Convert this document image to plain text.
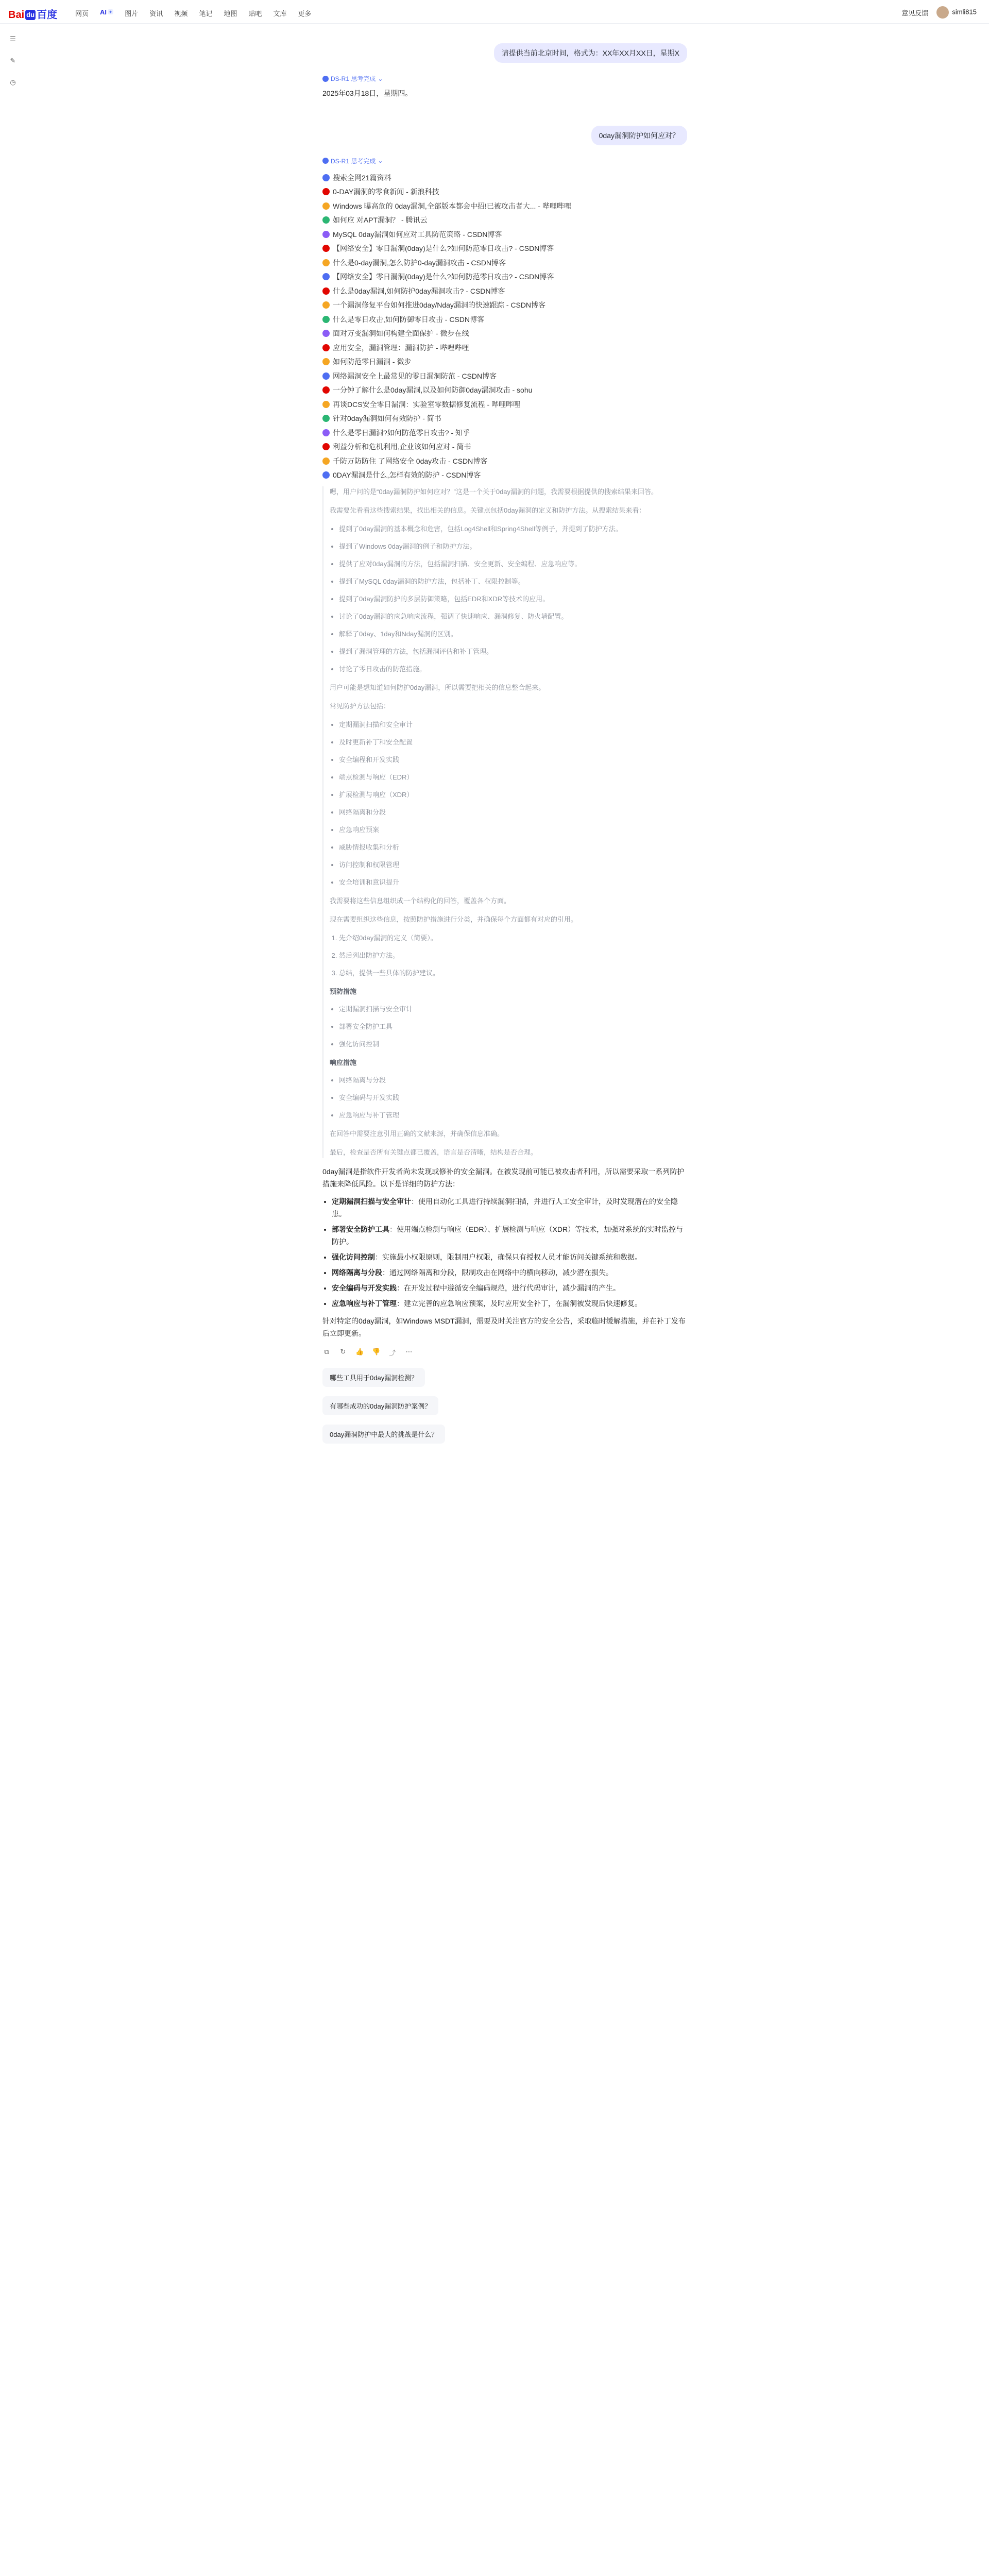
Bai du 百度	网页 AI + 图片 资讯 视频 笔记 地图 贴吧 文库 更多	意见反馈	simli815
☰
✎
◷
请提供当前北京时间，格式为：XX年XX月XX日，星期X
DS-R1 思考完成 ⌄
2025年03月18日，星期四。
0day漏洞防护如何应对？
DS-R1 思考完成 ⌄
搜索全网21篇资料
0-DAY漏洞的零食新闻 - 新浪科技
Windows 曝高危的 0day漏洞,全部版本都会中招!已被攻击者大... - 哔哩哔哩
如何应 对APT漏洞？ - 腾讯云
MySQL 0day漏洞如何应对工具防范策略 - CSDN博客
【网络安全】零日漏洞(0day)是什么?如何防范零日攻击? - CSDN博客
什么是0-day漏洞,怎么防护0-day漏洞攻击 - CSDN博客
【网络安全】零日漏洞(0day)是什么?如何防范零日攻击? - CSDN博客
什么是0day漏洞,如何防护0day漏洞攻击? - CSDN博客
一个漏洞修复平台如何推进0day/Nday漏洞的快速跟踪 - CSDN博客
什么是零日攻击,如何防御零日攻击 - CSDN博客
面对万变漏洞如何构建全面保护 - 微步在线
应用安全，漏洞管理：漏洞防护 - 哔哩哔哩
如何防范零日漏洞 - 微步
网络漏洞安全上最常见的零日漏洞防范 - CSDN博客
一分钟了解什么是0day漏洞,以及如何防御0day漏洞攻击 - sohu
再谈DCS安全零日漏洞：实验室零数据修复流程 - 哔哩哔哩
针对0day漏洞如何有效防护 - 简书
什么是零日漏洞?如何防范零日攻击? - 知乎
利益分析和危机利用,企业该如何应对 - 简书
千防万防防住 了网络安全 0day攻击 - CSDN博客
0DAY漏洞是什么,怎样有效的防护 - CSDN博客

嗯，用户问的是“0day漏洞防护如何应对？”这是一个关于0day漏洞的问题，我需要根据提供的搜索结果来回答。

我需要先看看这些搜索结果，找出相关的信息。关键点包括0day漏洞的定义和防护方法。从搜索结果来看：

• 提到了0day漏洞的基本概念和危害，包括Log4Shell和Spring4Shell等例子，并提到了防护方法。
• 提到了Windows 0day漏洞的例子和防护方法。
• 提供了应对0day漏洞的方法，包括漏洞扫描、安全更新、安全编程、应急响应等。
• 提到了MySQL 0day漏洞的防护方法，包括补丁、权限控制等。
• 提到了0day漏洞防护的多层防御策略，包括EDR和XDR等技术的应用。
• 讨论了0day漏洞的应急响应流程，强调了快速响应、漏洞修复、防火墙配置。
• 解释了0day、1day和Nday漏洞的区别。
• 提到了漏洞管理的方法，包括漏洞评估和补丁管理。
• 讨论了零日攻击的防范措施。

用户可能是想知道如何防护0day漏洞，所以需要把相关的信息整合起来。

常见防护方法包括：

• 定期漏洞扫描和安全审计
• 及时更新补丁和安全配置
• 安全编程和开发实践
• 端点检测与响应（EDR）
• 扩展检测与响应（XDR）
• 网络隔离和分段
• 应急响应预案
• 威胁情报收集和分析
• 访问控制和权限管理
• 安全培训和意识提升

我需要将这些信息组织成一个结构化的回答，覆盖各个方面。

现在需要组织这些信息，按照防护措施进行分类，并确保每个方面都有对应的引用。

1. 先介绍0day漏洞的定义（简要）。
2. 然后列出防护方法。
3. 总结，提供一些具体的防护建议。
预防措施
• 定期漏洞扫描与安全审计
• 部署安全防护工具
• 强化访问控制
响应措施
• 网络隔离与分段
• 安全编码与开发实践
• 应急响应与补丁管理

在回答中需要注意引用正确的文献来源，并确保信息准确。

最后，检查是否所有关键点都已覆盖，语言是否清晰，结构是否合理。

0day漏洞是指软件开发者尚未发现或修补的安全漏洞。在被发现前可能已被攻击者利用，所以需要采取一系列防护措施来降低风险。以下是详细的防护方法：

• 定期漏洞扫描与安全审计：使用自动化工具进行持续漏洞扫描，并进行人工安全审计，及时发现潜在的安全隐患。
• 部署安全防护工具：使用端点检测与响应（EDR）、扩展检测与响应（XDR）等技术，加强对系统的实时监控与防护。
• 强化访问控制：实施最小权限原则，限制用户权限，确保只有授权人员才能访问关键系统和数据。
• 网络隔离与分段：通过网络隔离和分段，限制攻击在网络中的横向移动，减少潜在损失。
• 安全编码与开发实践：在开发过程中遵循安全编码规范，进行代码审计，减少漏洞的产生。
• 应急响应与补丁管理：建立完善的应急响应预案，及时应用安全补丁，在漏洞被发现后快速修复。

针对特定的0day漏洞，如Windows MSDT漏洞，需要及时关注官方的安全公告，采取临时缓解措施，并在补丁发布后立即更新。

⧉ ↻ 👍 👎 ⤴ ⋯
哪些工具用于0day漏洞检测？
有哪些成功的0day漏洞防护案例？
0day漏洞防护中最大的挑战是什么？
